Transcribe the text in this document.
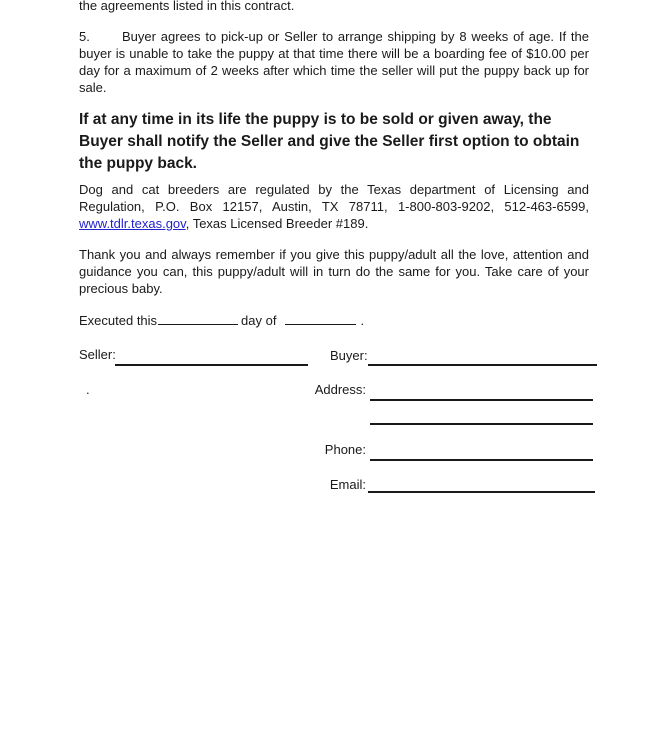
the agreements listed in this contract.
5. Buyer agrees to pick-up or Seller to arrange shipping by 8 weeks of age. If the
buyer is unable to take the puppy at that time there will be a boarding fee of $10.00 per
day for a maximum of 2 weeks after which time the seller will put the puppy back up for
sale.
If at any time in its life the puppy is to be sold or given away, the
Buyer shall notify the Seller and give the Seller first option to obtain
the puppy back.
Dog and cat breeders are regulated by the Texas department of Licensing and
Regulation, P.O. Box 12157, Austin, TX 78711, 1-800-803-9202, 512-463-6599,
www.tdlr.texas.gov, Texas Licensed Breeder #189.
Thank you and always remember if you give this puppy/adult all the love, attention and
guidance you can, this puppy/adult will in turn do the same for you. Take care of your
precious baby.
Executed this	day of	.
Seller:	Buyer:
.	Address:
Phone:
Email:
